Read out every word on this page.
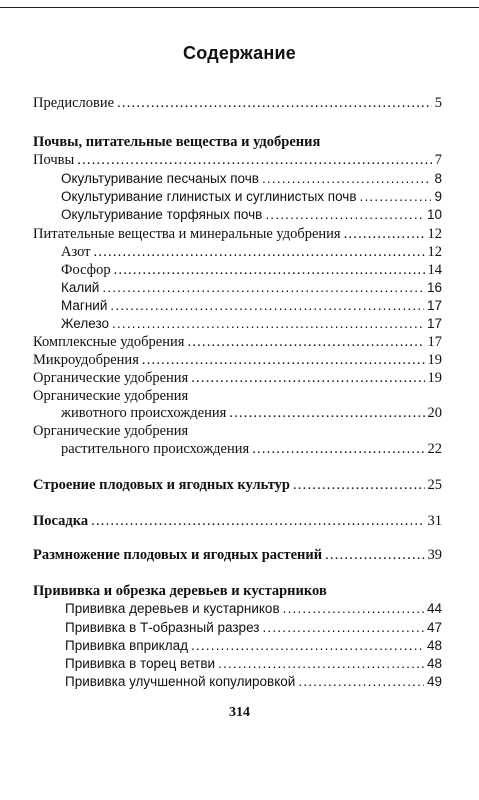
Содержание
Предисловие .....	5
Почвы, питательные вещества и удобрения
Почвы .....	7
Окультуривание песчаных почв .....	8
Окультуривание глинистых и суглинистых почв .....	9
Окультуривание торфяных почв .....	10
Питательные вещества и минеральные удобрения .....	12
Азот .....	12
Фосфор .....	14
Калий .....	16
Магний .....	17
Железо .....	17
Комплексные удобрения .....	17
Микроудобрения .....	19
Органические удобрения .....	19
Органические удобрения
животного происхождения .....	20
Органические удобрения
растительного происхождения .....	22
Строение плодовых и ягодных культур .....	25
Посадка .....	31
Размножение плодовых и ягодных растений .....	39
Прививка и обрезка деревьев и кустарников
Прививка деревьев и кустарников .....	44
Прививка в Т-образный разрез .....	47
Прививка вприклад .....	48
Прививка в торец ветви .....	48
Прививка улучшенной копулировкой .....	49
314
